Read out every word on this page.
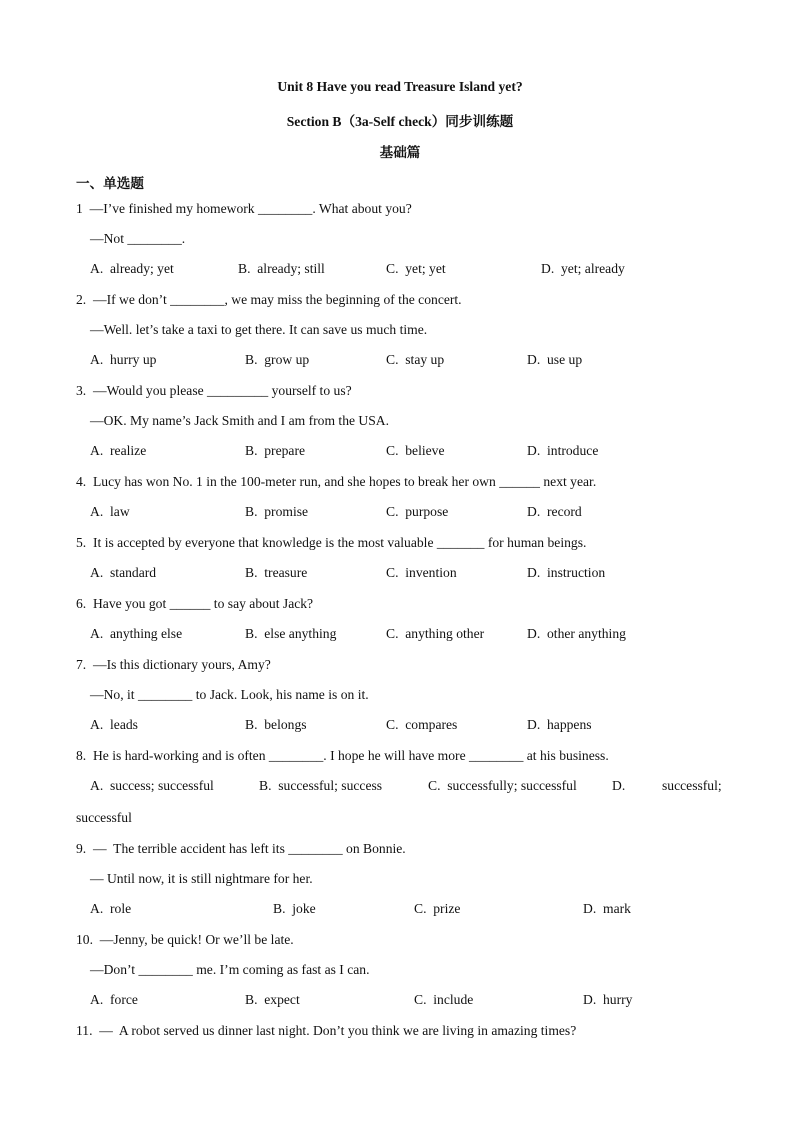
Unit 8 Have you read Treasure Island yet?
Section B（3a-Self check）同步训练题
基础篇
一、单选题
1  —I’ve finished my homework ________. What about you?
—Not ________.
A.  already; yet	B.  already; still	C.  yet; yet	D.  yet; already
2.  —If we don’t ________, we may miss the beginning of the concert.
—Well. let’s take a taxi to get there. It can save us much time.
A.  hurry up	B.  grow up	C.  stay up	D.  use up
3.  —Would you please _________ yourself to us?
—OK. My name’s Jack Smith and I am from the USA.
A.  realize	B.  prepare	C.  believe	D.  introduce
4.  Lucy has won No. 1 in the 100-meter run, and she hopes to break her own ______ next year.
A.  law	B.  promise	C.  purpose	D.  record
5.  It is accepted by everyone that knowledge is the most valuable _______ for human beings.
A.  standard	B.  treasure	C.  invention	D.  instruction
6.  Have you got ______ to say about Jack?
A.  anything else	B.  else anything	C.  anything other	D.  other anything
7.  —Is this dictionary yours, Amy?
—No, it ________ to Jack. Look, his name is on it.
A.  leads	B.  belongs	C.  compares	D.  happens
8.  He is hard-working and is often ________. I hope he will have more ________ at his business.
A.  success; successful	B.  successful; success	C.  successfully; successful	D.	successful;
successful
9.  —  The terrible accident has left its ________ on Bonnie.
— Until now, it is still nightmare for her.
A.  role	B.  joke	C.  prize	D.  mark
10.  —Jenny, be quick! Or we’ll be late.
—Don’t ________ me. I’m coming as fast as I can.
A.  force	B.  expect	C.  include	D.  hurry
11.  —  A robot served us dinner last night. Don’t you think we are living in amazing times?
